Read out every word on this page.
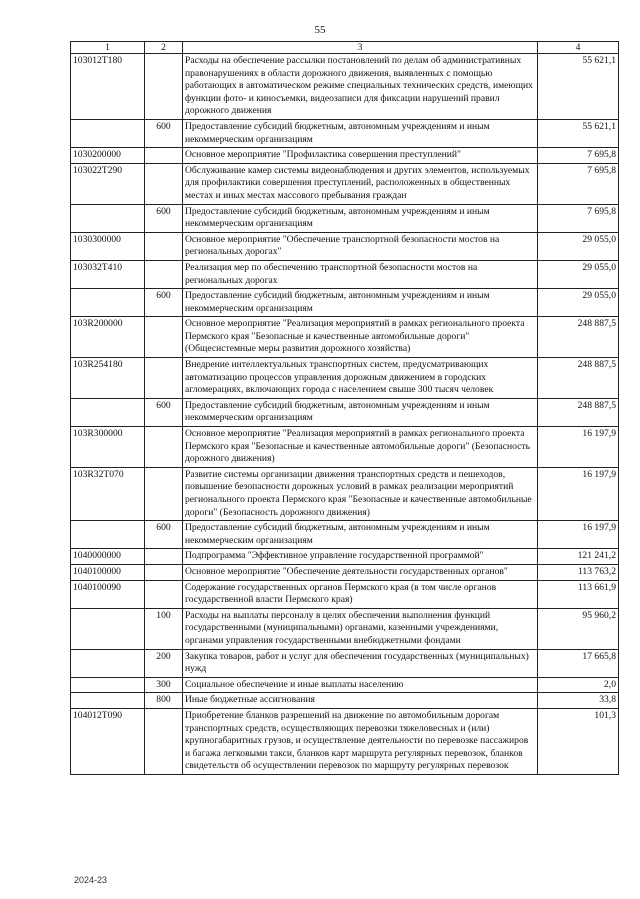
55
1	2	3	4
103012Т180		Расходы на обеспечение рассылки постановлений по делам об административных правонарушениях в области дорожного движения, выявленных с помощью работающих в автоматическом режиме специальных технических средств, имеющих функции фото- и киносъемки, видеозаписи для фиксации нарушений правил дорожного движения	55 621,1
	600	Предоставление субсидий бюджетным, автономным учреждениям и иным некоммерческим организациям	55 621,1
1030200000		Основное мероприятие "Профилактика совершения преступлений"	7 695,8
103022Т290		Обслуживание камер системы видеонаблюдения и других элементов, используемых для профилактики совершения преступлений, расположенных в общественных местах и иных местах массового пребывания граждан	7 695,8
	600	Предоставление субсидий бюджетным, автономным учреждениям и иным некоммерческим организациям	7 695,8
1030300000		Основное мероприятие "Обеспечение транспортной безопасности мостов на региональных дорогах"	29 055,0
103032Т410		Реализация мер по обеспечению транспортной безопасности мостов на региональных дорогах	29 055,0
	600	Предоставление субсидий бюджетным, автономным учреждениям и иным некоммерческим организациям	29 055,0
103R200000		Основное мероприятие "Реализация мероприятий в рамках регионального проекта Пермского края "Безопасные и качественные автомобильные дороги" (Общесистемные меры развития дорожного хозяйства)	248 887,5
103R254180		Внедрение интеллектуальных транспортных систем, предусматривающих автоматизацию процессов управления дорожным движением в городских агломерациях, включающих города с населением свыше 300 тысяч человек	248 887,5
	600	Предоставление субсидий бюджетным, автономным учреждениям и иным некоммерческим организациям	248 887,5
103R300000		Основное мероприятие "Реализация мероприятий в рамках регионального проекта Пермского края "Безопасные и качественные автомобильные дороги" (Безопасность дорожного движения)	16 197,9
103R32Т070		Развитие системы организации движения транспортных средств и пешеходов, повышение безопасности дорожных условий в рамках реализации мероприятий регионального проекта Пермского края "Безопасные и качественные автомобильные дороги" (Безопасность дорожного движения)	16 197,9
	600	Предоставление субсидий бюджетным, автономным учреждениям и иным некоммерческим организациям	16 197,9
1040000000		Подпрограмма "Эффективное управление государственной программой"	121 241,2
1040100000		Основное мероприятие "Обеспечение деятельности государственных органов"	113 763,2
1040100090		Содержание государственных органов Пермского края (в том числе органов государственной власти Пермского края)	113 661,9
	100	Расходы на выплаты персоналу в целях обеспечения выполнения функций государственными (муниципальными) органами, казенными учреждениями, органами управления государственными внебюджетными фондами	95 960,2
	200	Закупка товаров, работ и услуг для обеспечения государственных (муниципальных) нужд	17 665,8
	300	Социальное обеспечение и иные выплаты населению	2,0
	800	Иные бюджетные ассигнования	33,8
104012Т090		Приобретение бланков разрешений на движение по автомобильным дорогам транспортных средств, осуществляющих перевозки тяжеловесных и (или) крупногабаритных грузов, и осуществление деятельности по перевозке пассажиров и багажа легковыми такси, бланков карт маршрута регулярных перевозок, бланков свидетельств об осуществлении перевозок по маршруту регулярных перевозок	101,3
2024-23
